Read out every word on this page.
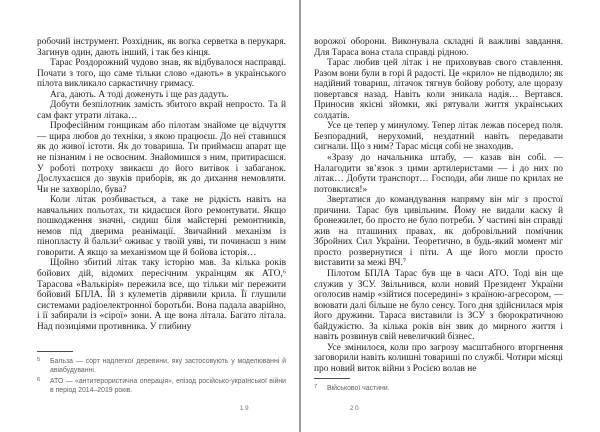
робочий інструмент. Розхідник, як вогка серветка в перукаря. Загинув один, дають інший, і так без кінця.

Тарас Роздорожний чудово знав, як відбувалося насправді. Почати з того, що саме тільки слово «дають» в українського пілота викликало саркастичну гримасу.

Ага, дають. А тоді доженуть і ще раз дадуть.

Добути безпілотник замість збитого вкрай непросто. Та й сам факт утрати літака…

Професійним гонщикам або пілотам знайоме це відчуття — щира любов до техніки, з якою працюєш. До неї ставишся як до живої істоти. Як до товариша. Ти приймаєш апарат ще не пізнаним і не освоєним. Знайомишся з ним, притираєшся. У роботі потроху звикаєш до його витівок і забаганок. Дослухаєшся до звуків приборів, як до дихання немовляти. Чи не захворіло, бува?

Коли літак розбивається, а таке не рідкість навіть на навчальних польотах, ти кидаєшся його ремонтувати. Якщо пошкодження значні, сидиш біля майстерні ремонтників, немов під дверима реанімації. Звичайний механізм із пінопласту й бальзи⁵ оживає у твоїй уяві, ти починаєш з ним говорити. А якщо за механізмом ще й бойова історія…

Щойно збитий літак таку історію мав. За кілька років бойових дій, відомих пересічним українцям як АТО,⁶ Тарасова «Валькірія» пережила все, що тільки міг пережити бойовий БПЛА. Їй з кулеметів дірявили крила. Її глушили системами радіоелектронної боротьби. Вона падала аварійно, і її забирали із «сірої» зони. А ще вона літала. Багато літала. Над позиціями противника. У глибину

5	Бальза — сорт надлегкої деревини, яку застосовують у моделюванні й авіабудуванні.
6	АТО — «антитерористична операція», епізод російсько-української війни в період 2014–2019 років.
19

ворожої оборони. Виконувала складні й важливі завдання. Для Тараса вона стала справді рідною.

Тарас любив цей літак і не приховував свого ставлення. Разом вони були в горі й радості. Це «крило» не підводило; як надійний товариш, літачок тягнув бойову роботу, але щоразу повертався назад. Навіть коли зникала надія… Вертався. Приносив якісні зйомки, які рятували життя українських солдатів.

Усе це тепер у минулому. Тепер літак лежав посеред поля. Безпорадний, нерухомий, нездатний навіть передавати сигнали. Що з ним? Тарас місця собі не знаходив.

«Зразу до начальника штабу, — казав він собі. — Налагодити зв’язок з цими артилеристами — і до них по літак… Добути транспорт… Господи, аби лише по крилах не потовклися!»

Звертатися до командування напряму він міг з простої причини. Тарас був цивільним. Йому не видали каску й бронежилет, бо просто не було потреби. У частині він справді жив на пташиних правах, як добровільний помічник Збройних Сил України. Теоретично, в будь-який момент міг просто розвернутися і піти. А ще його могли просто виставити за межі ВЧ.⁷

Пілотом БПЛА Тарас був ще в часи АТО. Тоді він ще служив у ЗСУ. Звільнився, коли новий Президент України оголосив намір «зійтися посередині» з країною-агресором, — воювати далі більше не було сенсу. Того дня здійснилася мрія його дружини. Тараса виставили із ЗСУ з бюрократичною байдужістю. За кілька років він звик до мирного життя і навіть розвинув свій невеличкий бізнес.

Усе змінилося, коли про загрозу масштабного вторгнення заговорили навіть колишні товариші по службі. Чотири місяці про новий виток війни з Росією волав не

7	Військової частини.
20
